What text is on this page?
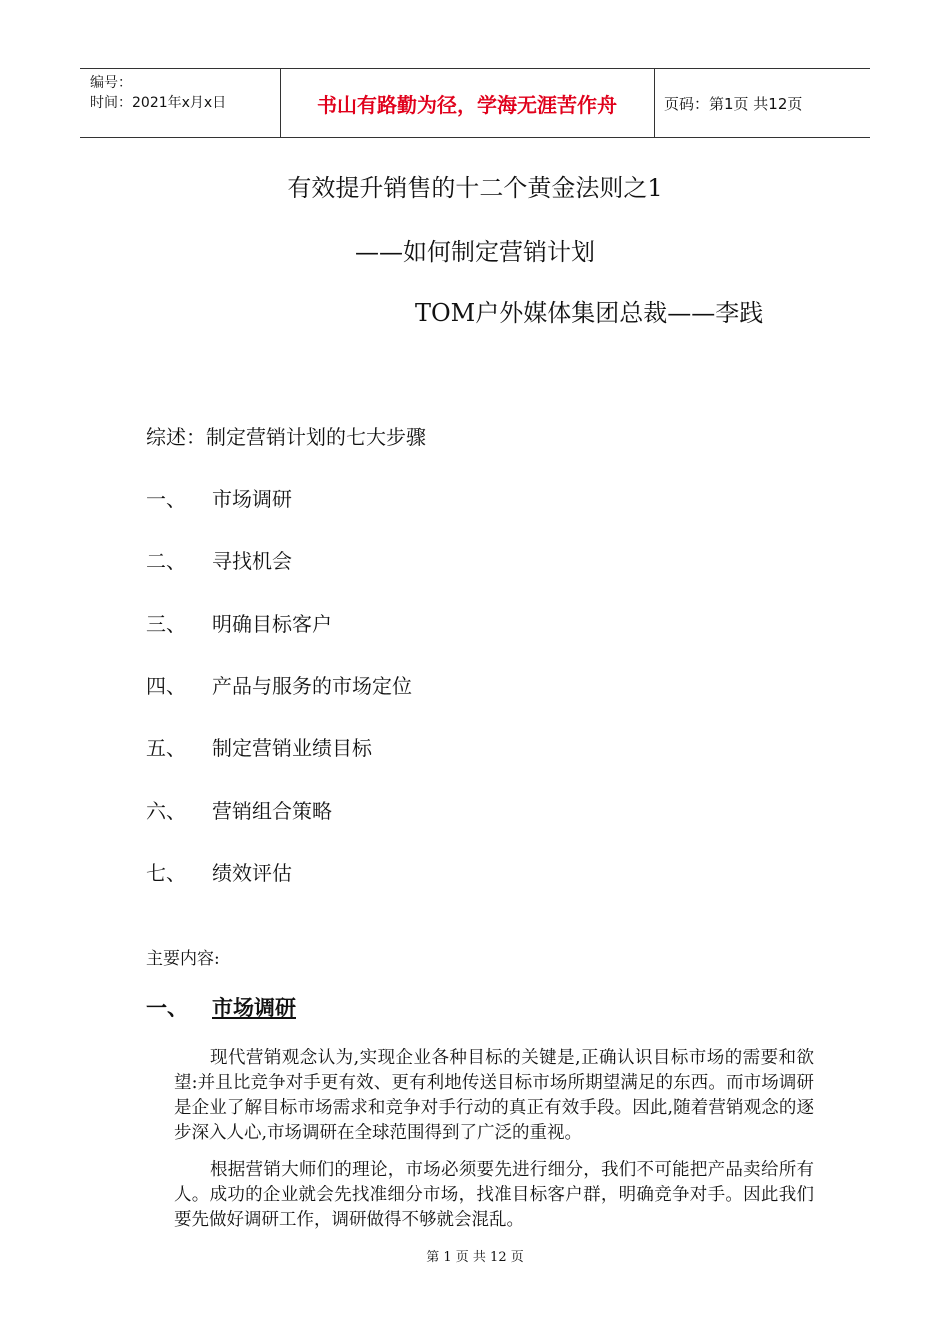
编号：
时间：2021年x月x日	书山有路勤为径，学海无涯苦作舟	页码：第1页 共12页
有效提升销售的十二个黄金法则之1
——如何制定营销计划
TOM户外媒体集团总裁——李践
综述：制定营销计划的七大步骤
一、 市场调研
二、 寻找机会
三、 明确目标客户
四、 产品与服务的市场定位
五、 制定营销业绩目标
六、 营销组合策略
七、 绩效评估
主要内容:
一、 市场调研
现代营销观念认为,实现企业各种目标的关键是,正确认识目标市场的需要和欲望:并且比竞争对手更有效、更有利地传送目标市场所期望满足的东西。而市场调研是企业了解目标市场需求和竞争对手行动的真正有效手段。因此,随着营销观念的逐步深入人心,市场调研在全球范围得到了广泛的重视。
根据营销大师们的理论，市场必须要先进行细分，我们不可能把产品卖给所有人。成功的企业就会先找准细分市场，找准目标客户群，明确竞争对手。因此我们要先做好调研工作，调研做得不够就会混乱。
第 1 页 共 12 页
